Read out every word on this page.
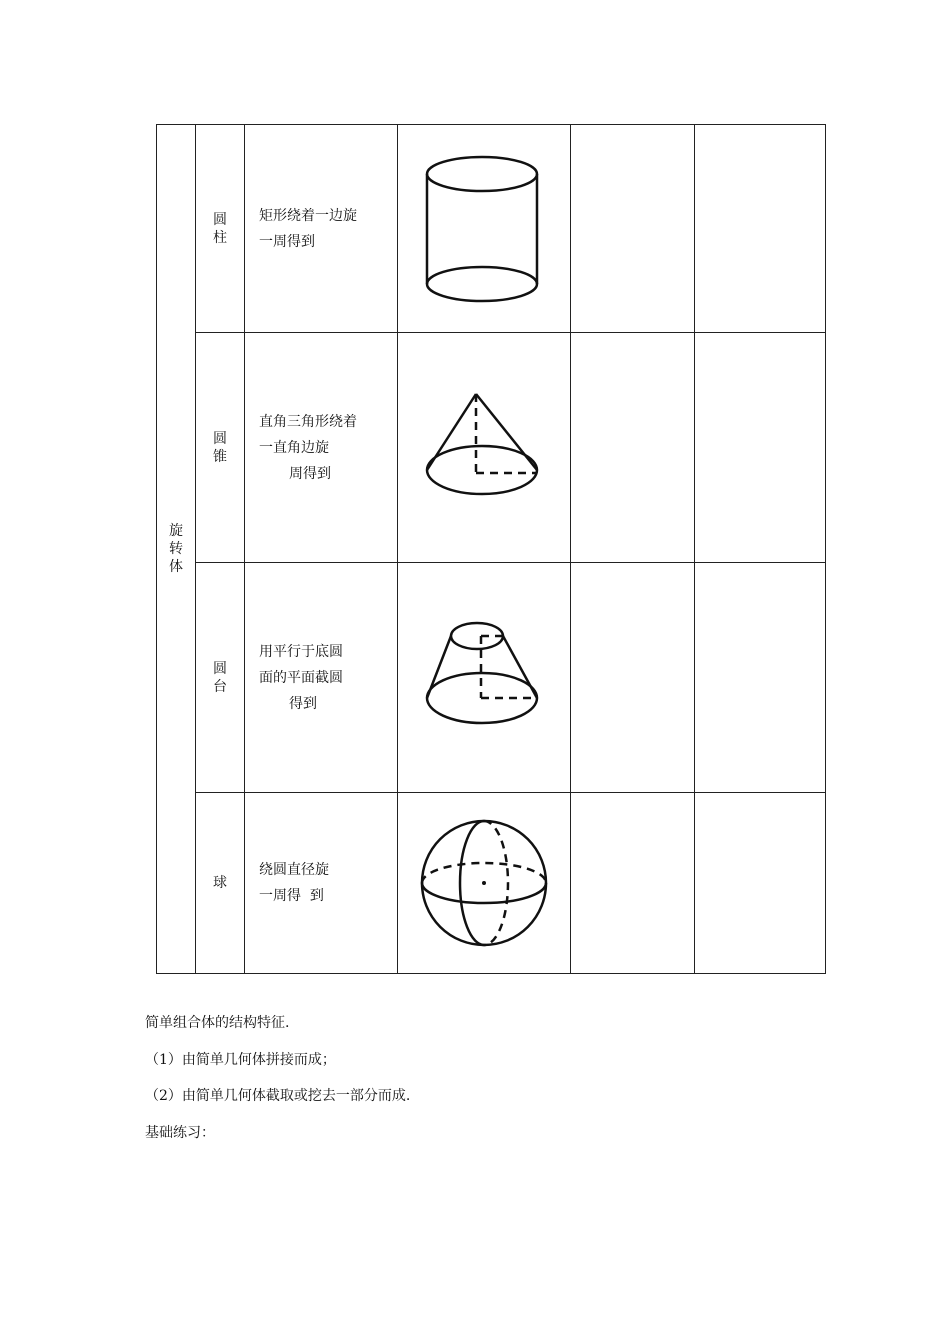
旋转体	圆柱	矩形绕着一边旋
一周得到

	圆锥	直角三角形绕着
一直角边旋
周得到

	圆台	用平行于底圆
面的平面截圆
得到

	球	绕圆直径旋
一周得  到

简单组合体的结构特征.
（1）由简单几何体拼接而成；
（2）由简单几何体截取或挖去一部分而成.
基础练习：
